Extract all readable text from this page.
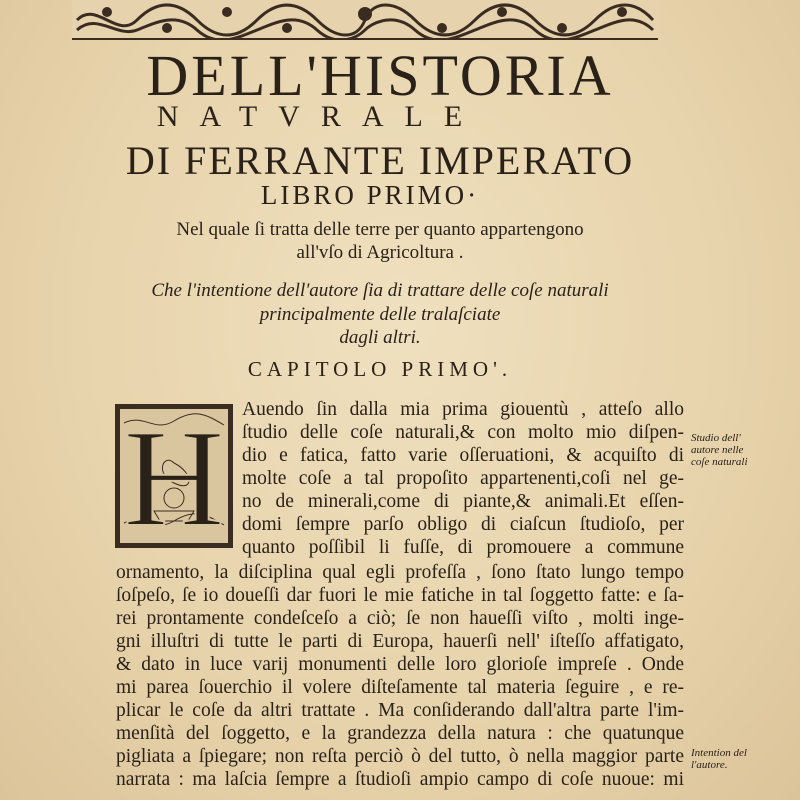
DELL'HISTORIA
NATVRALE
DI FERRANTE IMPERATO
LIBRO PRIMO·
Nel quale ſi tratta delle terre per quanto appartengono
all'vſo di Agricoltura .
Che l'intentione dell'autore ſia di trattare delle coſe naturali
principalmente delle tralaſciate
dagli altri.
CAPITOLO PRIMO'.
H Auendo ſin dalla mia prima giouentù , atteſo allo
ſtudio delle coſe naturali,& con molto mio diſpen-
dio e fatica, fatto varie oſſeruationi, & acquiſto di
molte coſe a tal propoſito appartenenti,coſi nel ge-
no de minerali,come di piante,& animali.Et eſſen-
domi ſempre parſo obligo di ciaſcun ſtudioſo, per
quanto poſſibil li fuſſe, di promouere a commune
ornamento, la diſciplina qual egli profeſſa , ſono ſtato lungo tempo
ſoſpeſo, ſe io doueſſi dar fuori le mie fatiche in tal ſoggetto fatte: e ſa-
rei prontamente condeſceſo a ciò; ſe non haueſſi viſto , molti inge-
gni illuſtri di tutte le parti di Europa, hauerſi nell' iſteſſo affatigato,
& dato in luce varij monumenti delle loro glorioſe impreſe . Onde
mi parea ſouerchio il volere diſteſamente tal materia ſeguire , e re-
plicar le coſe da altri trattate . Ma conſiderando dall'altra parte l'im-
menſità del ſoggetto, e la grandezza della natura : che quatunque
pigliata a ſpiegare; non reſta perciò ò del tutto, ò nella maggior parte
narrata : ma laſcia ſempre a ſtudioſi ampio campo di coſe nuoue: mi
Studio dell'
autore nelle
coſe naturali
Intention del
l'autore.
